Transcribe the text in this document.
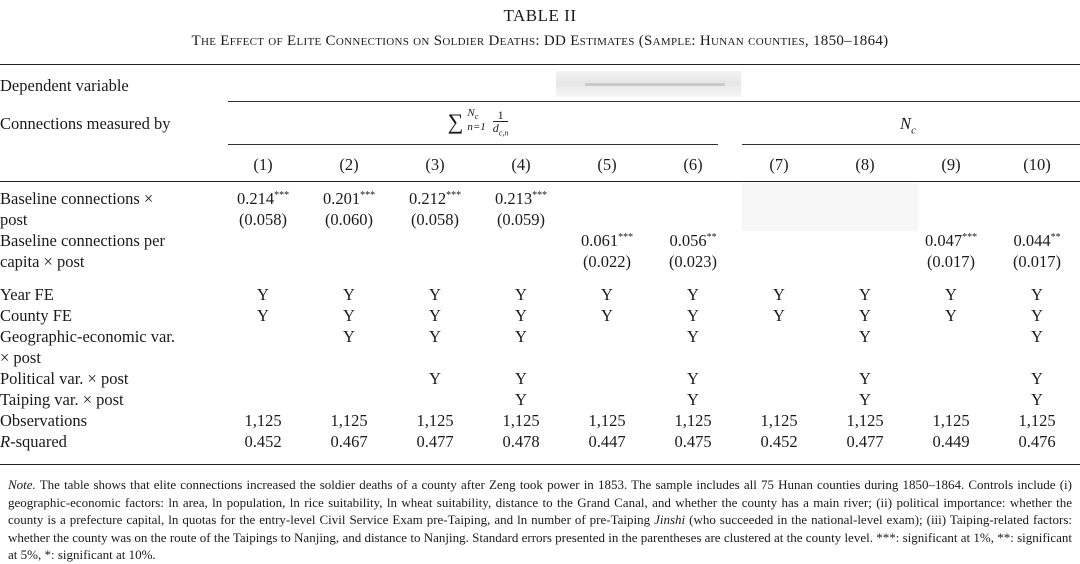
TABLE II
The Effect of Elite Connections on Soldier Deaths: DD Estimates (Sample: Hunan counties, 1850–1864)
Dependent variable										
Connections measured by	∑ $N_c$
$n=1 \frac{1}{d_{c,n}}$						$N_c$
	(1)	(2)	(3)	(4)	(5)	(6)	(7)	(8)	(9)	(10)

Baseline connections ×	0.214***	0.201***	0.212***	0.213***						
post	(0.058)	(0.060)	(0.058)	(0.059)						
Baseline connections per					0.061***	0.056**			0.047***	0.044**
capita × post					(0.022)	(0.023)			(0.017)	(0.017)

Year FE	Y	Y	Y	Y	Y	Y	Y	Y	Y	Y
County FE	Y	Y	Y	Y	Y	Y	Y	Y	Y	Y
Geographic-economic var.		Y	Y	Y		Y		Y		Y
× post										
Political var. × post			Y	Y		Y		Y		Y
Taiping var. × post				Y		Y		Y		Y
Observations	1,125	1,125	1,125	1,125	1,125	1,125	1,125	1,125	1,125	1,125
R-squared	0.452	0.467	0.477	0.478	0.447	0.475	0.452	0.477	0.449	0.476
Note. The table shows that elite connections increased the soldier deaths of a county after Zeng took power in 1853. The sample includes all 75 Hunan counties during 1850–1864. Controls include (i) geographic-economic factors: ln area, ln population, ln rice suitability, ln wheat suitability, distance to the Grand Canal, and whether the county has a main river; (ii) political importance: whether the county is a prefecture capital, ln quotas for the entry-level Civil Service Exam pre-Taiping, and ln number of pre-Taiping Jinshi (who succeeded in the national-level exam); (iii) Taiping-related factors: whether the county was on the route of the Taipings to Nanjing, and distance to Nanjing. Standard errors presented in the parentheses are clustered at the county level. ***: significant at 1%, **: significant at 5%, *: significant at 10%.
